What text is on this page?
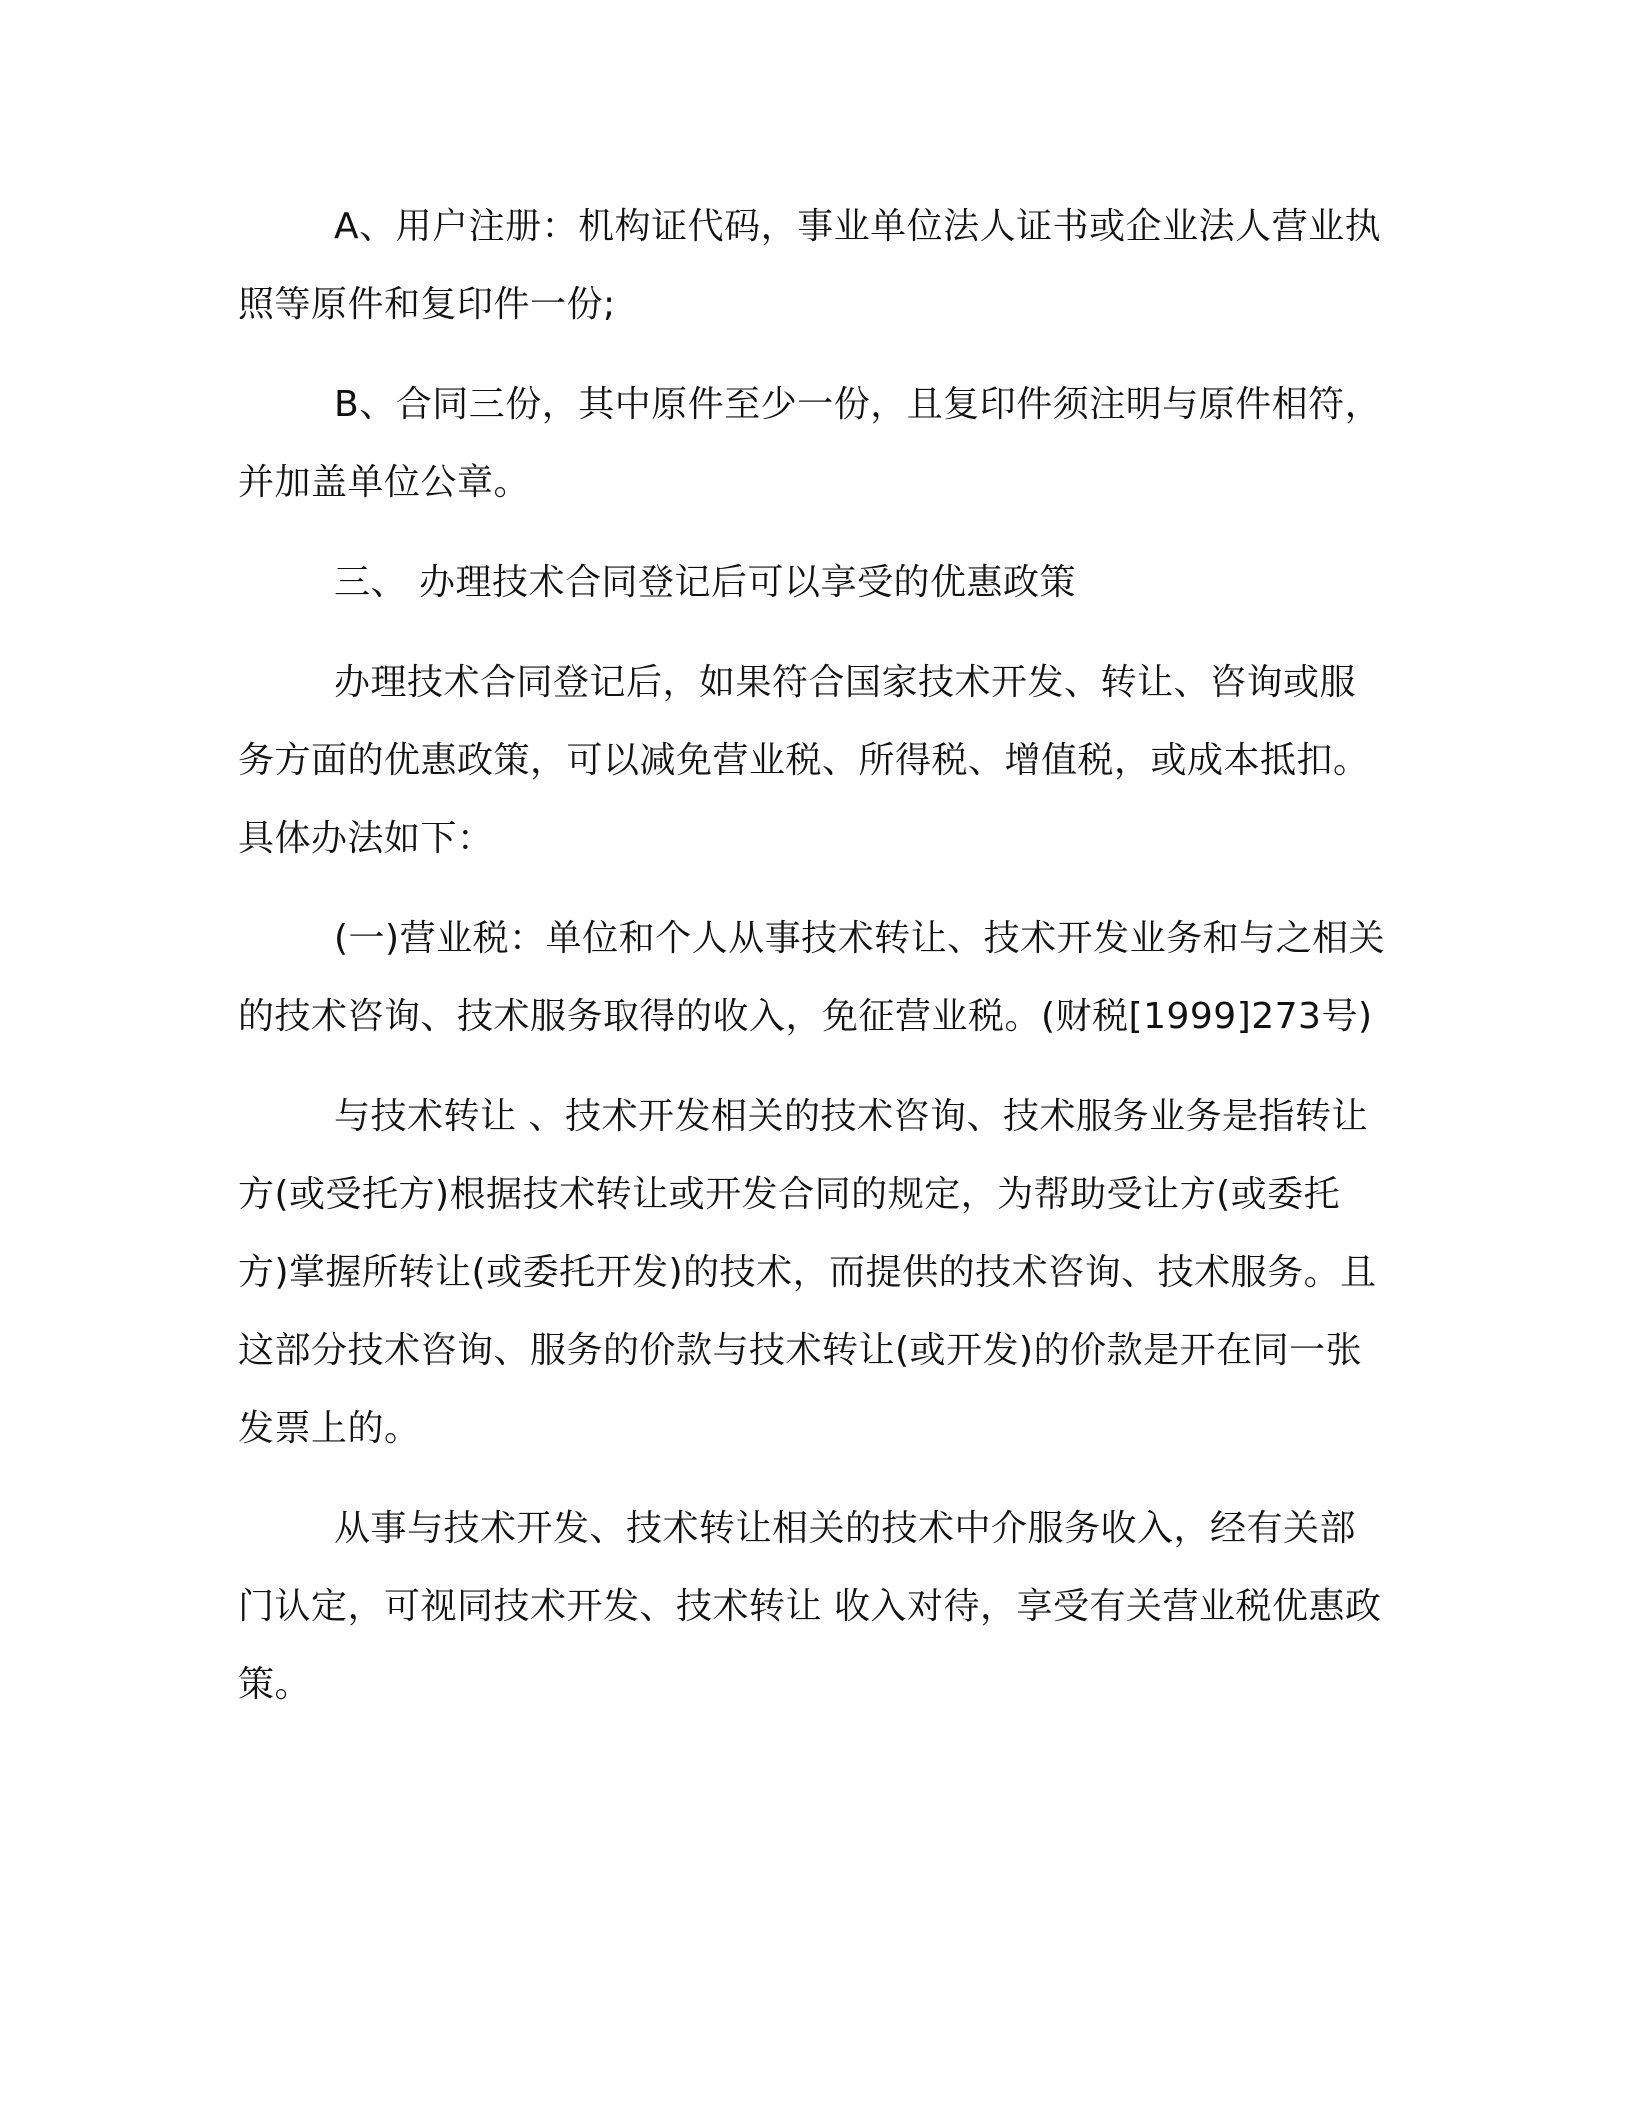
A、用户注册：机构证代码，事业单位法人证书或企业法人营业执照等原件和复印件一份;

B、合同三份，其中原件至少一份，且复印件须注明与原件相符，并加盖单位公章。

三、 办理技术合同登记后可以享受的优惠政策

办理技术合同登记后，如果符合国家技术开发、转让、咨询或服务方面的优惠政策，可以减免营业税、所得税、增值税，或成本抵扣。具体办法如下：

(一)营业税：单位和个人从事技术转让、技术开发业务和与之相关的技术咨询、技术服务取得的收入，免征营业税。(财税[1999]273号)

与技术转让 、技术开发相关的技术咨询、技术服务业务是指转让方(或受托方)根据技术转让或开发合同的规定，为帮助受让方(或委托方)掌握所转让(或委托开发)的技术，而提供的技术咨询、技术服务。且这部分技术咨询、服务的价款与技术转让(或开发)的价款是开在同一张发票上的。

从事与技术开发、技术转让相关的技术中介服务收入，经有关部门认定，可视同技术开发、技术转让 收入对待，享受有关营业税优惠政策。
